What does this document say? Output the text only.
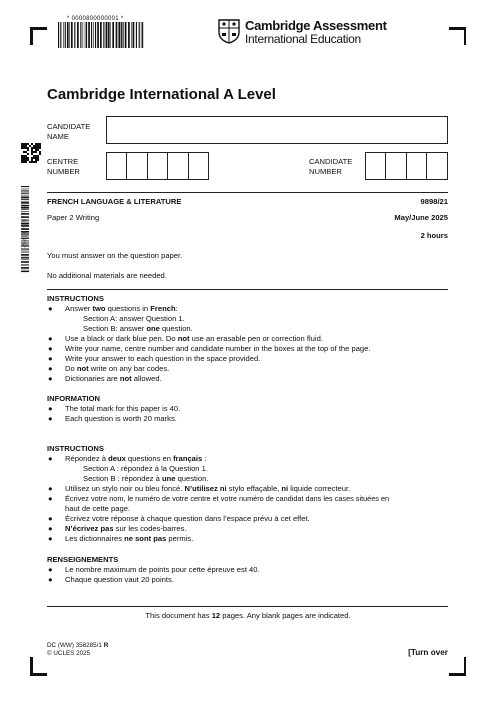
* 0000800000001 *	Cambridge Assessment
International Education
Cambridge International A Level
CANDIDATE
NAME
CENTRE
NUMBER
CANDIDATE
NUMBER
* 1 2 4 1 5 4 9 0 7 5 *
FRENCH LANGUAGE & LITERATURE	9898/21
Paper 2 Writing	May/June 2025
2 hours
You must answer on the question paper.
No additional materials are needed.
INSTRUCTIONS
● Answer two questions in French:
Section A: answer Question 1.
Section B: answer one question.
● Use a black or dark blue pen. Do not use an erasable pen or correction fluid.
● Write your name, centre number and candidate number in the boxes at the top of the page.
● Write your answer to each question in the space provided.
● Do not write on any bar codes.
● Dictionaries are not allowed.
INFORMATION
● The total mark for this paper is 40.
● Each question is worth 20 marks.
INSTRUCTIONS
● Répondez à deux questions en français :
Section A : répondez à la Question 1.
Section B : répondez à une question.
● Utilisez un stylo noir ou bleu foncé. N’utilisez ni stylo effaçable, ni liquide correcteur.
● Écrivez votre nom, le numéro de votre centre et votre numéro de candidat dans les cases situées en
haut de cette page.
● Écrivez votre réponse à chaque question dans l’espace prévu à cet effet.
● N’écrivez pas sur les codes-barres.
● Les dictionnaires ne sont pas permis.
RENSEIGNEMENTS
● Le nombre maximum de points pour cette épreuve est 40.
● Chaque question vaut 20 points.
This document has 12 pages. Any blank pages are indicated.
DC (WW) 358285/1 R
© UCLES 2025	[Turn over
